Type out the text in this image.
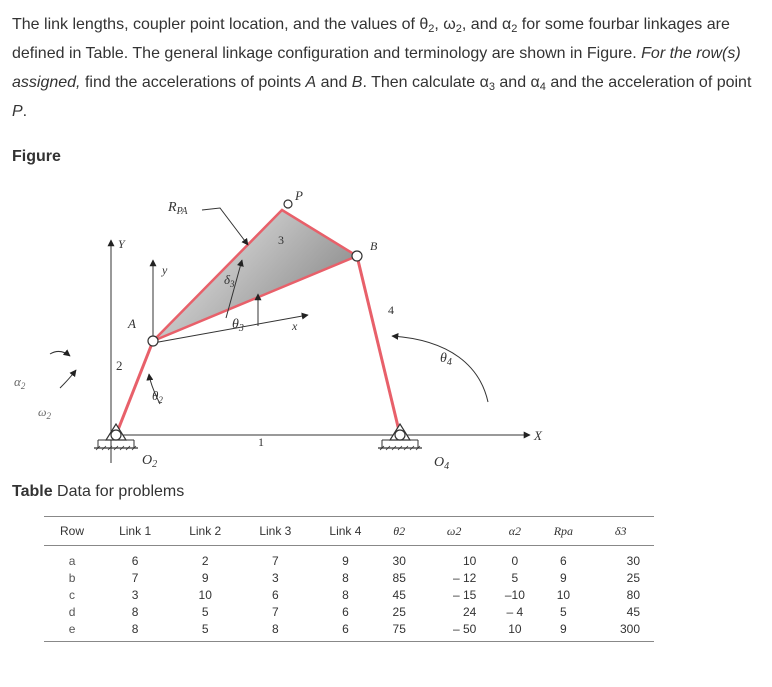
The link lengths, coupler point location, and the values of $\theta_2$, $\omega_2$, and $\alpha_2$ for some fourbar linkages are defined in Table. The general linkage configuration and terminology are shown in Figure. For the row(s) assigned, find the accelerations of points A and B. Then calculate $\alpha_3$ and $\alpha_4$ and the acceleration of point P.
Figure
$R_{PA}$
P
B
A
Y
y
x
X
3
4
2
1
$\delta_3$
$\theta_3$
$\theta_4$
$\theta_2$
$\alpha_2$
$\omega_2$
$O_2$	$O_4$
Table Data for problems
Row	Link 1	Link 2	Link 3	Link 4	θ2	ω2	α2	Rpa	δ3
a	6	2	7	9	30	10	0	6	30
b	7	9	3	8	85	– 12	5	9	25
c	3	10	6	8	45	– 15	–10	10	80
d	8	5	7	6	25	24	– 4	5	45
e	8	5	8	6	75	– 50	10	9	300
